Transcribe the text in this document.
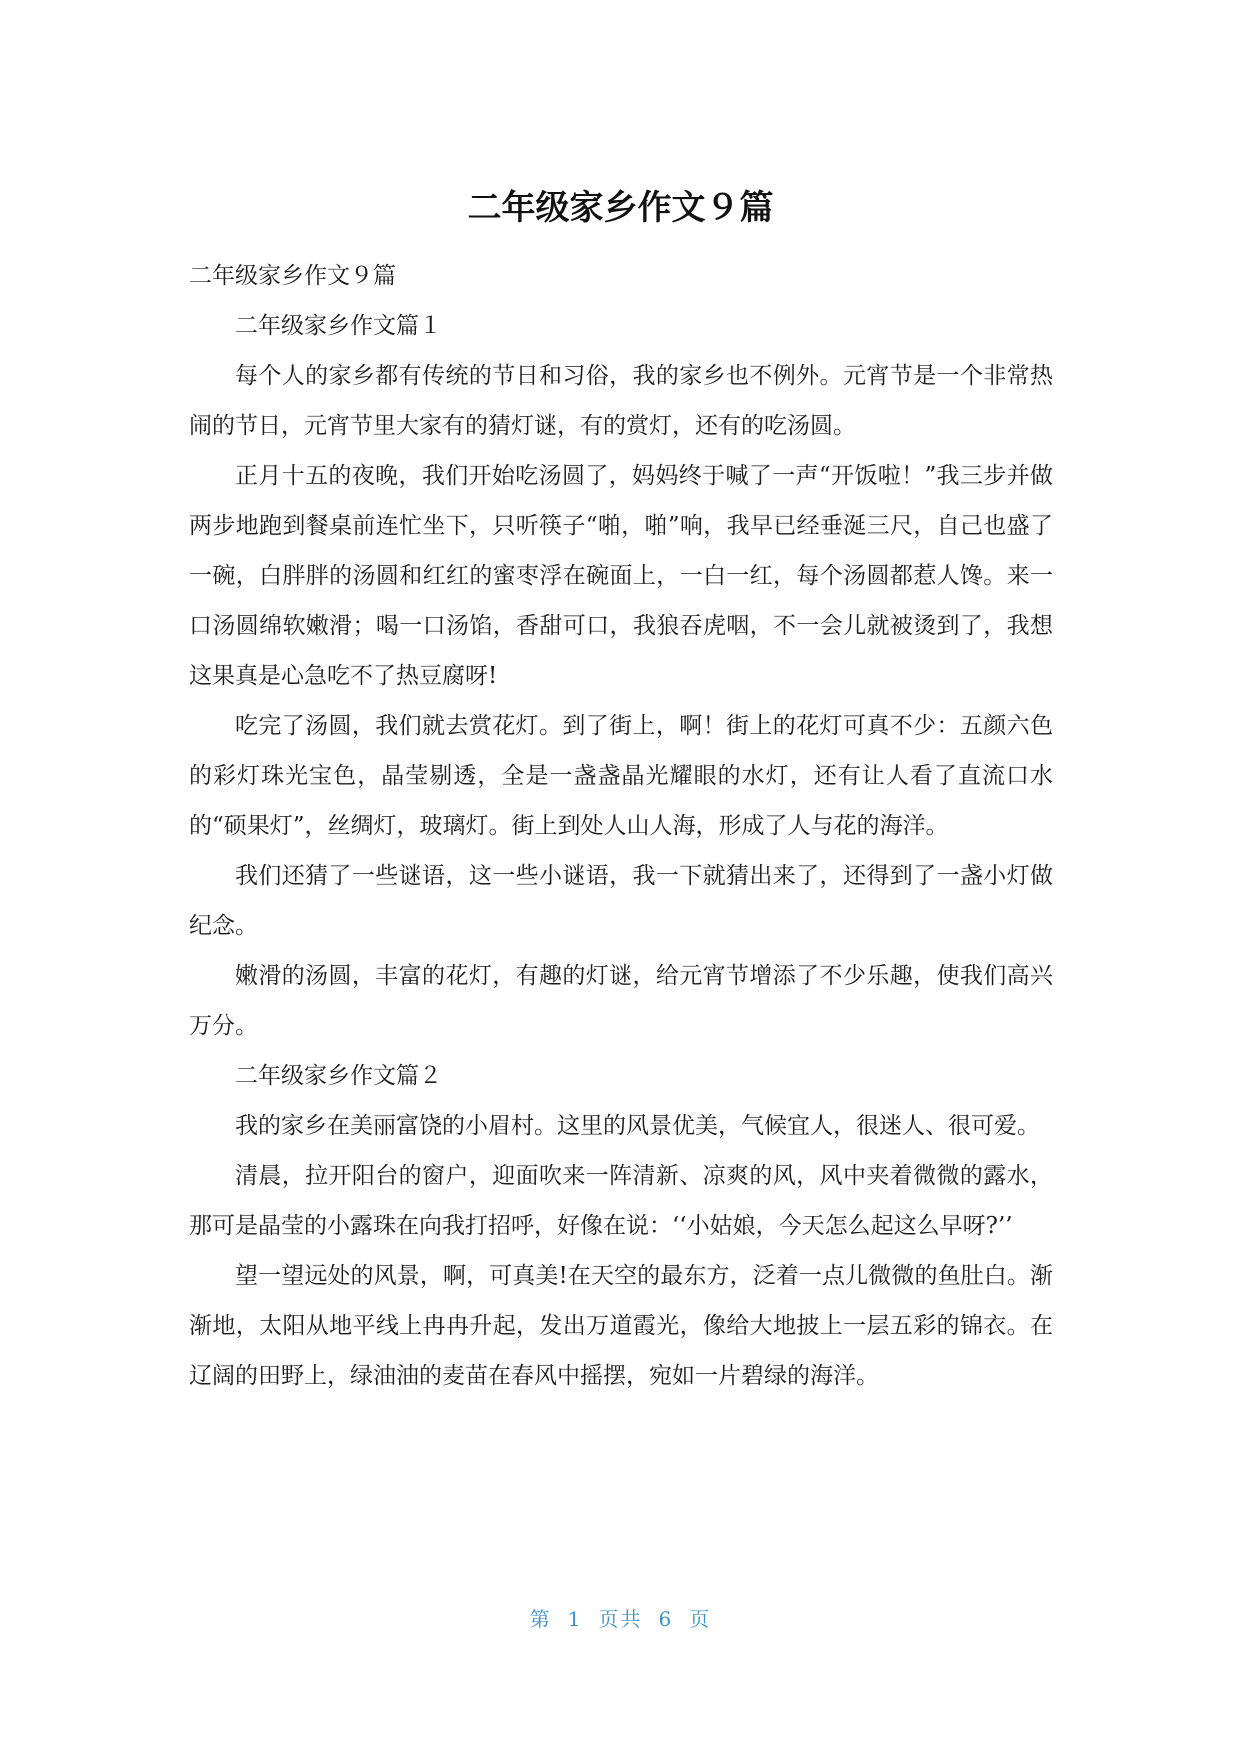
二年级家乡作文９篇

二年级家乡作文９篇

二年级家乡作文篇１

每个人的家乡都有传统的节日和习俗，我的家乡也不例外。元宵节是一个非常热闹的节日，元宵节里大家有的猜灯谜，有的赏灯，还有的吃汤圆。

正月十五的夜晚，我们开始吃汤圆了，妈妈终于喊了一声“开饭啦！”我三步并做两步地跑到餐桌前连忙坐下，只听筷子“啪，啪”响，我早已经垂涎三尺，自己也盛了一碗，白胖胖的汤圆和红红的蜜枣浮在碗面上，一白一红，每个汤圆都惹人馋。来一口汤圆绵软嫩滑；喝一口汤馅，香甜可口，我狼吞虎咽，不一会儿就被烫到了，我想这果真是心急吃不了热豆腐呀!

吃完了汤圆，我们就去赏花灯。到了街上，啊！街上的花灯可真不少：五颜六色的彩灯珠光宝色，晶莹剔透，全是一盏盏晶光耀眼的水灯，还有让人看了直流口水的“硕果灯”，丝绸灯，玻璃灯。街上到处人山人海，形成了人与花的海洋。

我们还猜了一些谜语，这一些小谜语，我一下就猜出来了，还得到了一盏小灯做纪念。

嫩滑的汤圆，丰富的花灯，有趣的灯谜，给元宵节增添了不少乐趣，使我们高兴万分。

二年级家乡作文篇２

我的家乡在美丽富饶的小眉村。这里的风景优美，气候宜人，很迷人、很可爱。

清晨，拉开阳台的窗户，迎面吹来一阵清新、凉爽的风，风中夹着微微的露水，那可是晶莹的小露珠在向我打招呼，好像在说：‘‘小姑娘，今天怎么起这么早呀?’’

望一望远处的风景，啊，可真美!在天空的最东方，泛着一点儿微微的鱼肚白。渐渐地，太阳从地平线上冉冉升起，发出万道霞光，像给大地披上一层五彩的锦衣。在辽阔的田野上，绿油油的麦苗在春风中摇摆，宛如一片碧绿的海洋。

第 1 页共 6 页
